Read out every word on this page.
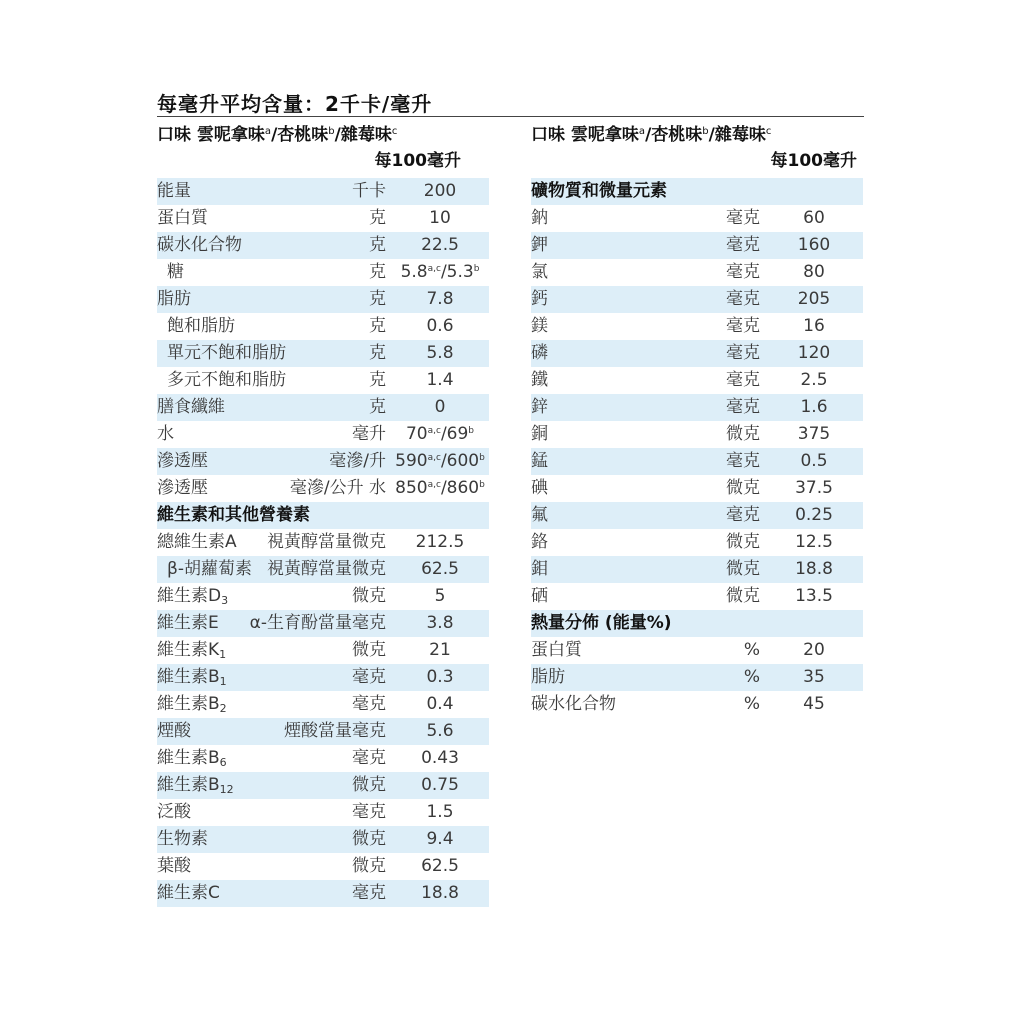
每毫升平均含量：2千卡/毫升
口味 雲呢拿味$^a$/杏桃味$^b$/雜莓味$^c$
每100毫升
能量	千卡	200
蛋白質	克	10
碳水化合物	克	22.5
糖	克 5.8$^{a,c}$/5.3$^b$
脂肪	克	7.8
飽和脂肪	克	0.6
單元不飽和脂肪	克	5.8
多元不飽和脂肪	克	1.4
膳食纖維	克	0
水	毫升	70$^{a,c}$/69$^b$
滲透壓	毫滲/升 590$^{a,c}$/600$^b$
滲透壓	毫滲/公升 水 850$^{a,c}$/860$^b$
維生素和其他營養素
總維生素A 視黃醇當量微克	212.5
β-胡蘿蔔素 視黃醇當量微克	62.5
維生素$D_3$	微克	5
維生素E α-生育酚當量毫克	3.8
維生素$K_1$	微克	21
維生素$B_1$	毫克	0.3
維生素$B_2$	毫克	0.4
煙酸	煙酸當量毫克	5.6
維生素$B_6$	毫克	0.43
維生素$B_{12}$	微克	0.75
泛酸	毫克	1.5
生物素	微克	9.4
葉酸	微克	62.5
維生素C	毫克	18.8
口味 雲呢拿味$^a$/杏桃味$^b$/雜莓味$^c$
每100毫升
礦物質和微量元素
鈉	毫克	60
鉀	毫克	160
氯	毫克	80
鈣	毫克	205
鎂	毫克	16
磷	毫克	120
鐵	毫克	2.5
鋅	毫克	1.6
銅	微克	375
錳	毫克	0.5
碘	微克	37.5
氟	毫克	0.25
鉻	微克	12.5
鉬	微克	18.8
硒	微克	13.5
熱量分佈 (能量%)
蛋白質	%	20
脂肪	%	35
碳水化合物	%	45
